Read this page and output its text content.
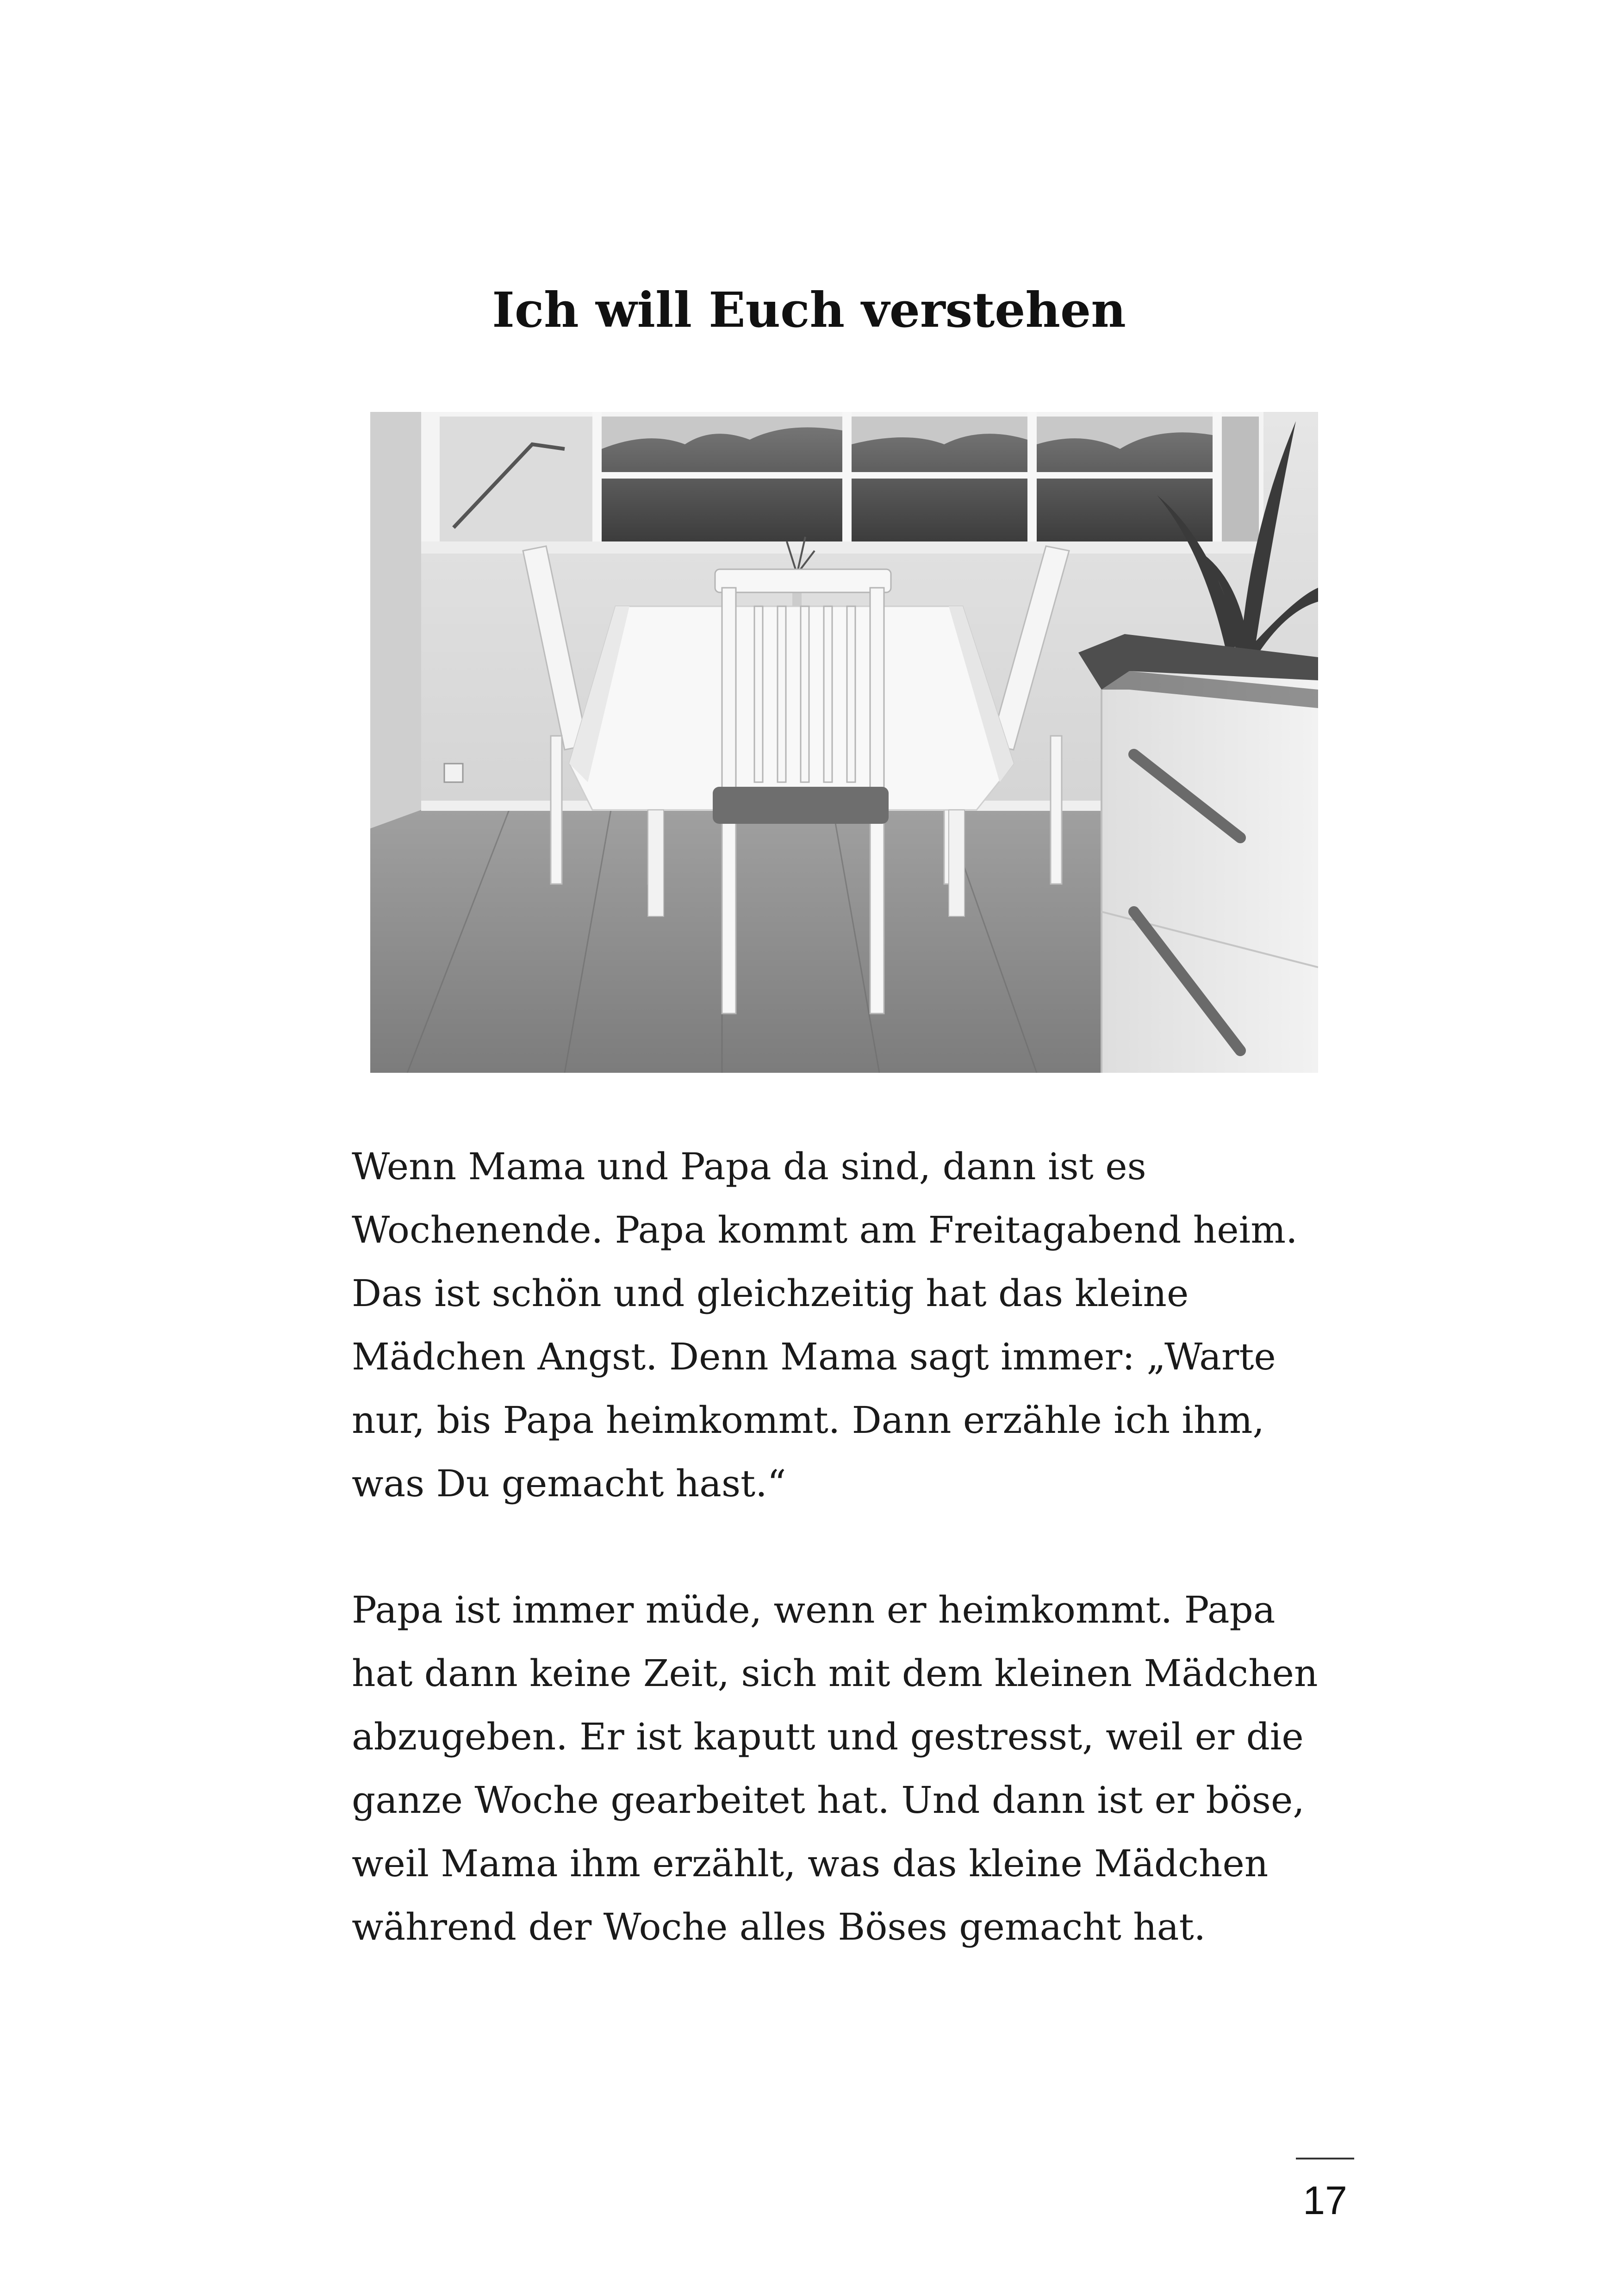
Ich will Euch verstehen

Wenn Mama und Papa da sind, dann ist es
Wochenende. Papa kommt am Freitagabend heim.
Das ist schön und gleichzeitig hat das kleine
Mädchen Angst. Denn Mama sagt immer: „Warte
nur, bis Papa heimkommt. Dann erzähle ich ihm,
was Du gemacht hast.“

Papa ist immer müde, wenn er heimkommt. Papa
hat dann keine Zeit, sich mit dem kleinen Mädchen
abzugeben. Er ist kaputt und gestresst, weil er die
ganze Woche gearbeitet hat. Und dann ist er böse,
weil Mama ihm erzählt, was das kleine Mädchen
während der Woche alles Böses gemacht hat.

17
